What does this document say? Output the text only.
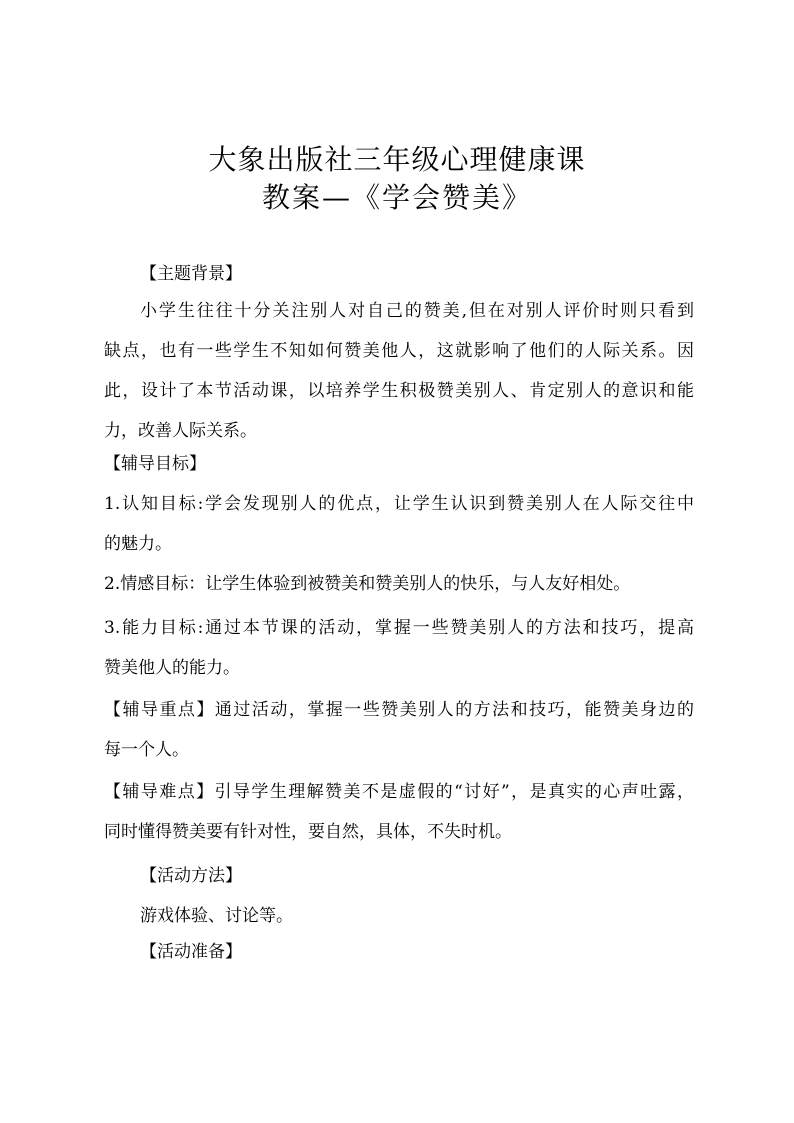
大象出版社三年级心理健康课
教案—《学会赞美》
【主题背景】
小学生往往十分关注别人对自己的赞美,但在对别人评价时则只看到
缺点，也有一些学生不知如何赞美他人，这就影响了他们的人际关系。因
此，设计了本节活动课，以培养学生积极赞美别人、肯定别人的意识和能
力，改善人际关系。
【辅导目标】
1.认知目标:学会发现别人的优点，让学生认识到赞美别人在人际交往中
的魅力。
2.情感目标：让学生体验到被赞美和赞美别人的快乐，与人友好相处。
3.能力目标:通过本节课的活动，掌握一些赞美别人的方法和技巧，提高
赞美他人的能力。
【辅导重点】通过活动，掌握一些赞美别人的方法和技巧，能赞美身边的
每一个人。
【辅导难点】引导学生理解赞美不是虚假的“讨好”，是真实的心声吐露，
同时懂得赞美要有针对性，要自然，具体，不失时机。
【活动方法】
游戏体验、讨论等。
【活动准备】
